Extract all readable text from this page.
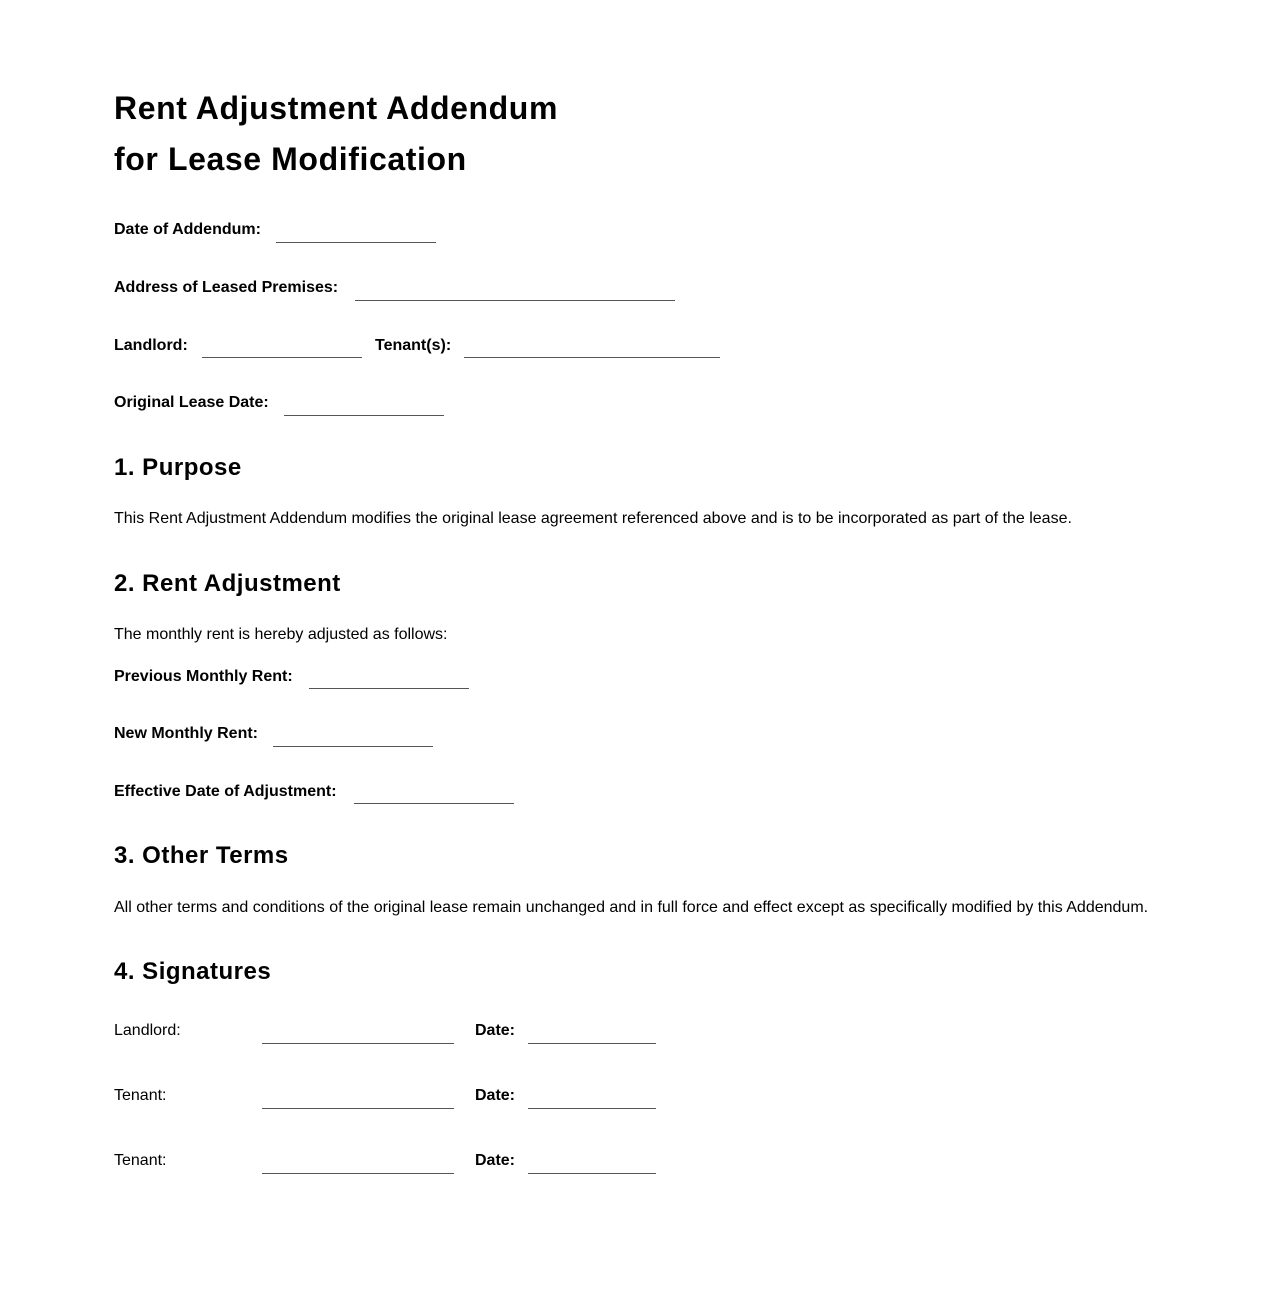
Rent Adjustment Addendum
for Lease Modification
Date of Addendum:
Address of Leased Premises:
Landlord:	Tenant(s):
Original Lease Date:
1. Purpose
This Rent Adjustment Addendum modifies the original lease agreement referenced above and is to be incorporated as part of the lease.
2. Rent Adjustment
The monthly rent is hereby adjusted as follows:
Previous Monthly Rent:
New Monthly Rent:
Effective Date of Adjustment:
3. Other Terms
All other terms and conditions of the original lease remain unchanged and in full force and effect except as specifically modified by this Addendum.
4. Signatures
Landlord:	Date:
Tenant:	Date:
Tenant:	Date:
